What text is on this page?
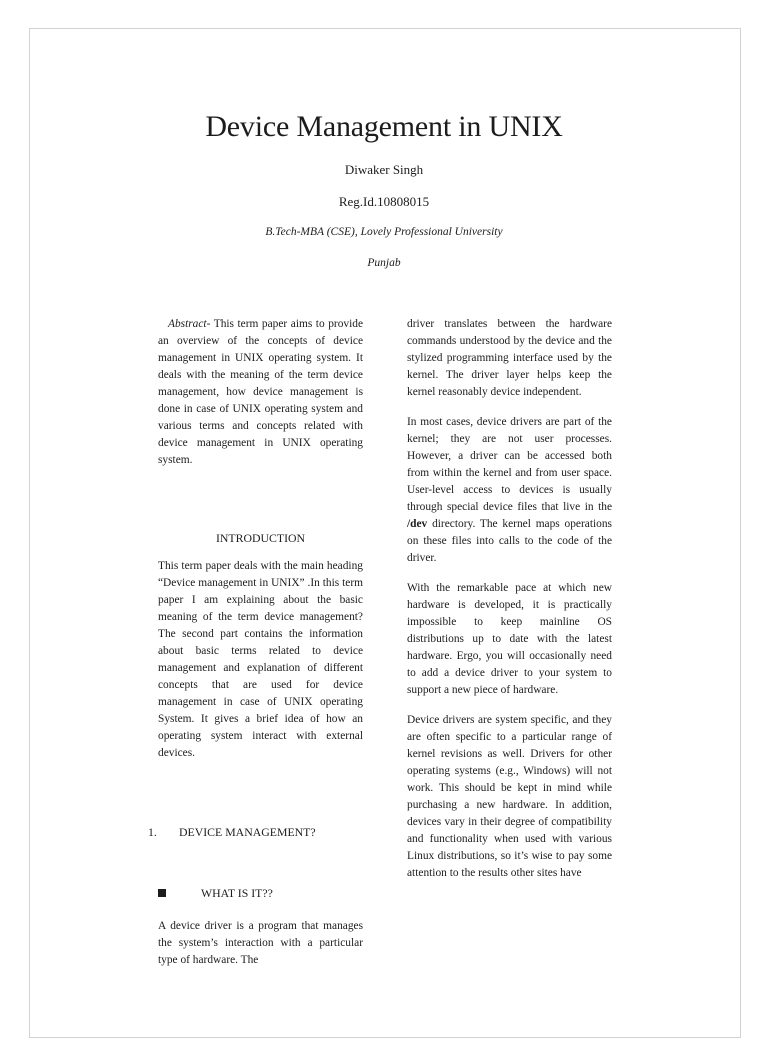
Device Management in UNIX
Diwaker Singh
Reg.Id.10808015
B.Tech-MBA (CSE), Lovely Professional University
Punjab

Abstract- This term paper aims to provide an overview of the concepts of device management in UNIX operating system. It deals with the meaning of the term device management, how device management is done in case of UNIX operating system and various terms and concepts related with device management in UNIX operating system.

INTRODUCTION

This term paper deals with the main heading “Device management in UNIX” .In this term paper I am explaining about the basic meaning of the term device management? The second part contains the information about basic terms related to device management and explanation of different concepts that are used for device management in case of UNIX operating System. It gives a brief idea of how an operating system interact with external devices.

1. DEVICE MANAGEMENT?
WHAT IS IT??

A device driver is a program that manages the system’s interaction with a particular type of hardware. The

driver translates between the hardware commands understood by the device and the stylized programming interface used by the kernel. The driver layer helps keep the kernel reasonably device independent.

In most cases, device drivers are part of the kernel; they are not user processes. However, a driver can be accessed both from within the kernel and from user space. User-level access to devices is usually through special device files that live in the /dev directory. The kernel maps operations on these files into calls to the code of the driver.

With the remarkable pace at which new hardware is developed, it is practically impossible to keep mainline OS distributions up to date with the latest hardware. Ergo, you will occasionally need to add a device driver to your system to support a new piece of hardware.

Device drivers are system specific, and they are often specific to a particular range of kernel revisions as well. Drivers for other operating systems (e.g., Windows) will not work. This should be kept in mind while purchasing a new hardware. In addition, devices vary in their degree of compatibility and functionality when used with various Linux distributions, so it’s wise to pay some attention to the results other sites have
